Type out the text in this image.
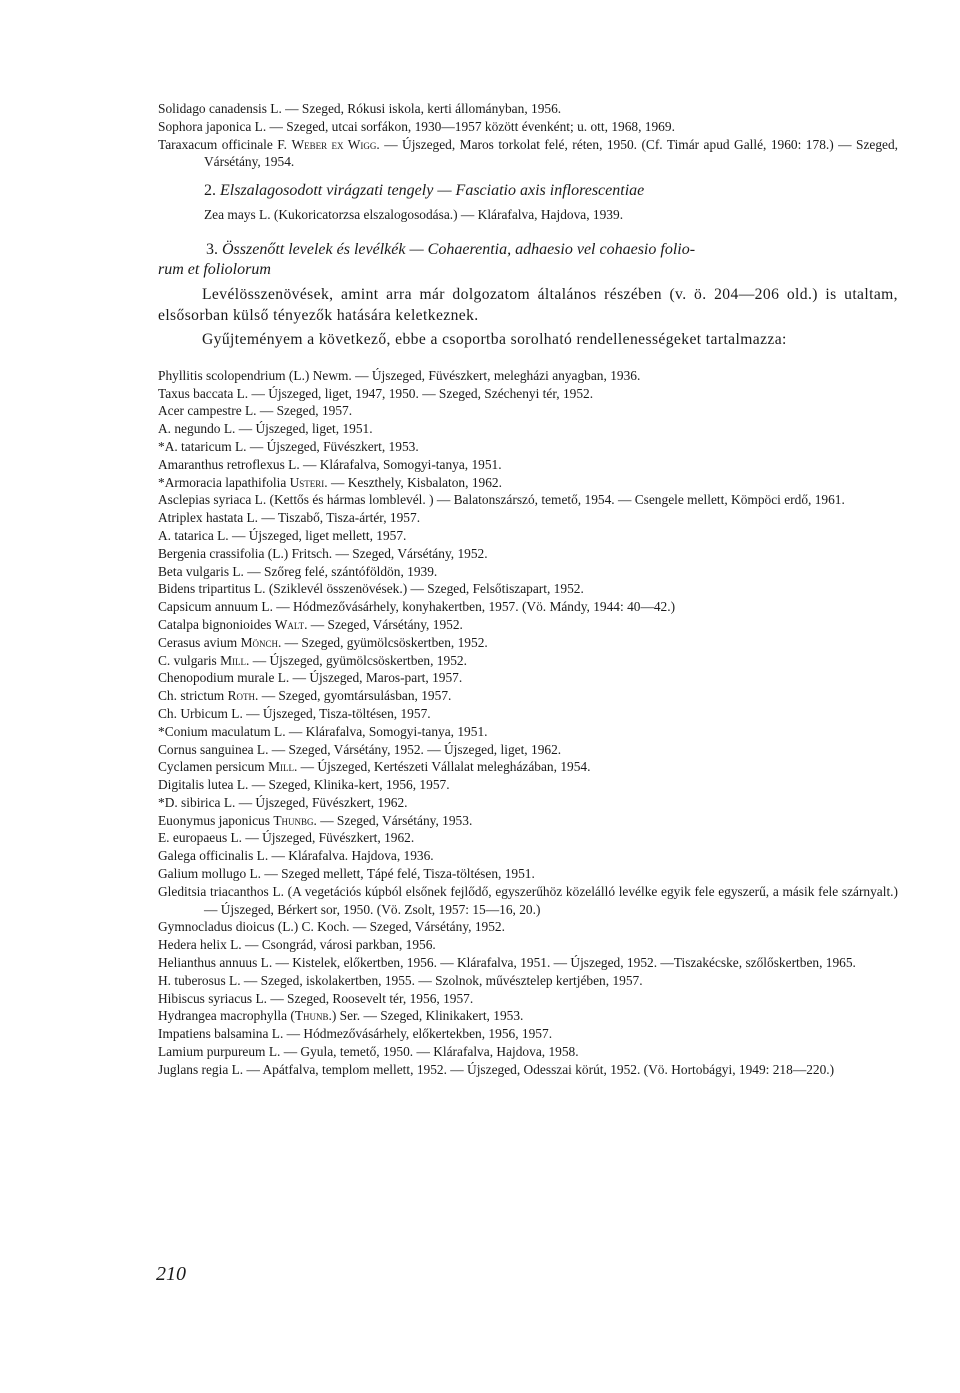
Solidago canadensis L. — Szeged, Rókusi iskola, kerti állományban, 1956.

Sophora japonica L. — Szeged, utcai sorfákon, 1930—1957 között évenként; u. ott, 1968, 1969.

Taraxacum officinale F. Weber ex Wigg. — Újszeged, Maros torkolat felé, réten, 1950. (Cf. Timár apud Gallé, 1960: 178.) — Szeged, Vársétány, 1954.

2. Elszalagosodott virágzati tengely — Fasciatio axis inflorescentiae

Zea mays L. (Kukoricatorzsa elszalogosodása.) — Klárafalva, Hajdova, 1939.

3. Összenőtt levelek és levélkék — Cohaerentia, adhaesio vel cohaesio folio-
rum et foliolorum

Levélösszenövések, amint arra már dolgozatom általános részében (v. ö. 204—206 old.) is utaltam, elsősorban külső tényezők hatására keletkeznek.

Gyűjteményem a következő, ebbe a csoportba sorolható rendellenességeket tartalmazza:

Phyllitis scolopendrium (L.) Newm. — Újszeged, Füvészkert, melegházi anyagban, 1936.

Taxus baccata L. — Újszeged, liget, 1947, 1950. — Szeged, Széchenyi tér, 1952.

Acer campestre L. — Szeged, 1957.

A. negundo L. — Újszeged, liget, 1951.

*A. tataricum L. — Újszeged, Füvészkert, 1953.

Amaranthus retroflexus L. — Klárafalva, Somogyi-tanya, 1951.

*Armoracia lapathifolia Usteri. — Keszthely, Kisbalaton, 1962.

Asclepias syriaca L. (Kettős és hármas lomblevél. ) — Balatonszárszó, temető, 1954. — Csengele mellett, Kömpöci erdő, 1961.

Atriplex hastata L. — Tiszabő, Tisza-ártér, 1957.

A. tatarica L. — Újszeged, liget mellett, 1957.

Bergenia crassifolia (L.) Fritsch. — Szeged, Vársétány, 1952.

Beta vulgaris L. — Szőreg felé, szántóföldön, 1939.

Bidens tripartitus L. (Sziklevél összenövések.) — Szeged, Felsőtiszapart, 1952.

Capsicum annuum L. — Hódmezővásárhely, konyhakertben, 1957. (Vö. Mándy, 1944: 40—42.)

Catalpa bignonioides Walt. — Szeged, Vársétány, 1952.

Cerasus avium Mönch. — Szeged, gyümölcsöskertben, 1952.

C. vulgaris Mill. — Újszeged, gyümölcsöskertben, 1952.

Chenopodium murale L. — Újszeged, Maros-part, 1957.

Ch. strictum Roth. — Szeged, gyomtársulásban, 1957.

Ch. Urbicum L. — Újszeged, Tisza-töltésen, 1957.

*Conium maculatum L. — Klárafalva, Somogyi-tanya, 1951.

Cornus sanguinea L. — Szeged, Vársétány, 1952. — Újszeged, liget, 1962.

Cyclamen persicum Mill. — Újszeged, Kertészeti Vállalat melegházában, 1954.

Digitalis lutea L. — Szeged, Klinika-kert, 1956, 1957.

*D. sibirica L. — Újszeged, Füvészkert, 1962.

Euonymus japonicus Thunbg. — Szeged, Vársétány, 1953.

E. europaeus L. — Újszeged, Füvészkert, 1962.

Galega officinalis L. — Klárafalva. Hajdova, 1936.

Galium mollugo L. — Szeged mellett, Tápé felé, Tisza-töltésen, 1951.

Gleditsia triacanthos L. (A vegetációs kúpból elsőnek fejlődő, egyszerűhöz közelálló levélke egyik fele egyszerű, a másik fele szárnyalt.) — Újszeged, Bérkert sor, 1950. (Vö. Zsolt, 1957: 15—16, 20.)

Gymnocladus dioicus (L.) C. Koch. — Szeged, Vársétány, 1952.

Hedera helix L. — Csongrád, városi parkban, 1956.

Helianthus annuus L. — Kistelek, előkertben, 1956. — Klárafalva, 1951. — Újszeged, 1952. —Tiszakécske, szőlőskertben, 1965.

H. tuberosus L. — Szeged, iskolakertben, 1955. — Szolnok, művésztelep kertjében, 1957.

Hibiscus syriacus L. — Szeged, Roosevelt tér, 1956, 1957.

Hydrangea macrophylla (Thunb.) Ser. — Szeged, Klinikakert, 1953.

Impatiens balsamina L. — Hódmezővásárhely, előkertekben, 1956, 1957.

Lamium purpureum L. — Gyula, temető, 1950. — Klárafalva, Hajdova, 1958.

Juglans regia L. — Apátfalva, templom mellett, 1952. — Újszeged, Odesszai körút, 1952. (Vö. Hortobágyi, 1949: 218—220.)

210
